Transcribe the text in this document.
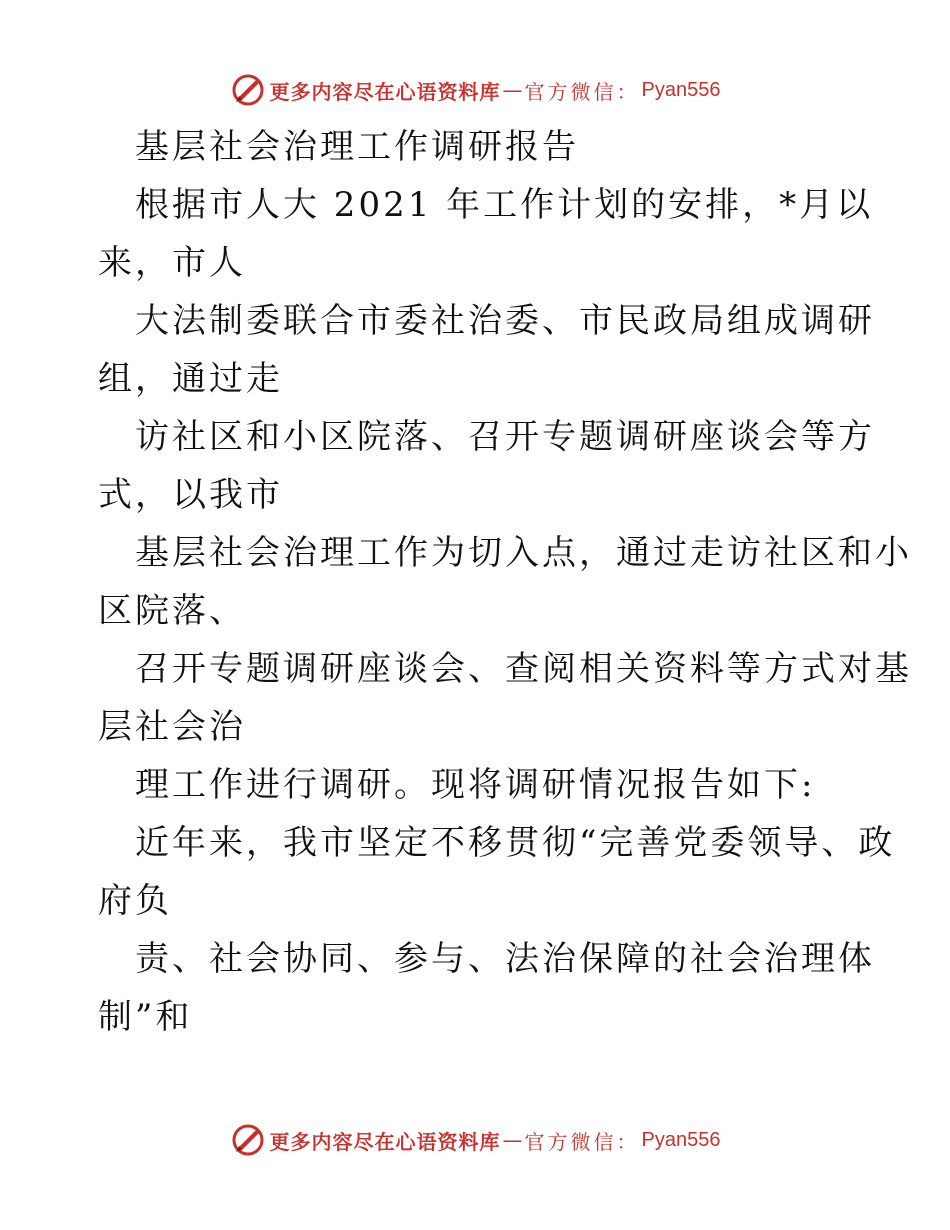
更多内容尽在心语资料库 — 官方微信： Pyan556
基层社会治理工作调研报告
根据市人大 2021 年工作计划的安排，*月以
来，市人
大法制委联合市委社治委、市民政局组成调研
组，通过走
访社区和小区院落、召开专题调研座谈会等方
式，以我市
基层社会治理工作为切入点，通过走访社区和小
区院落、
召开专题调研座谈会、查阅相关资料等方式对基
层社会治
理工作进行调研。现将调研情况报告如下:
近年来，我市坚定不移贯彻“完善党委领导、政
府负
责、社会协同、参与、法治保障的社会治理体
制”和
更多内容尽在心语资料库 — 官方微信： Pyan556
